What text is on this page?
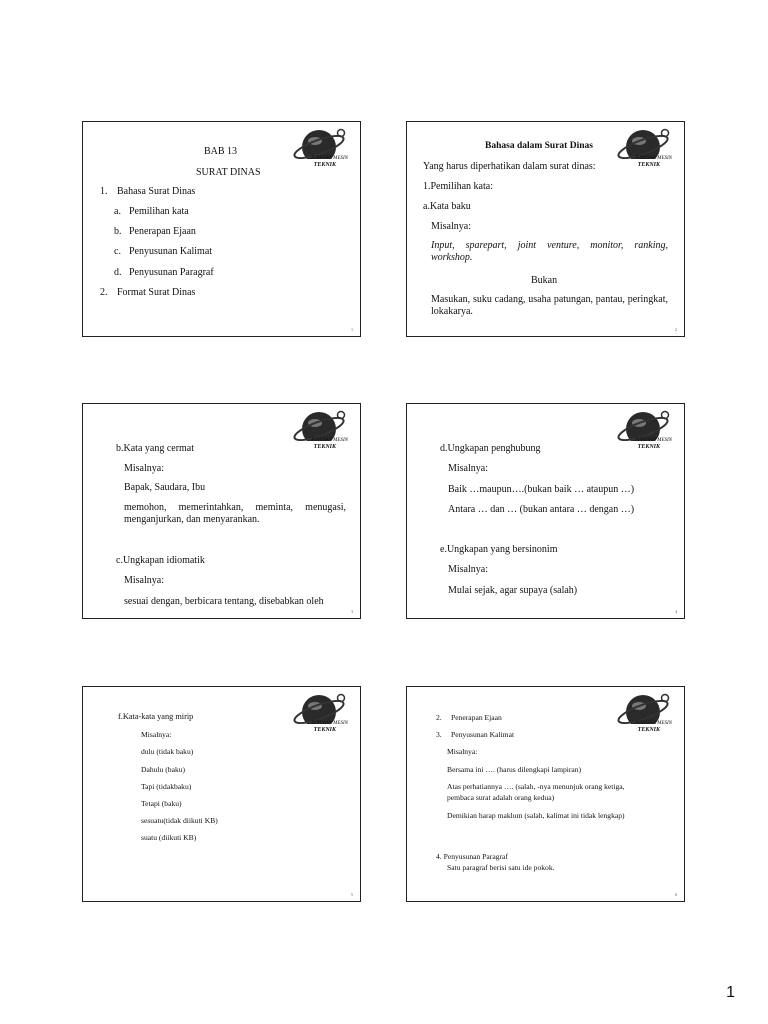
JURUSAN MESIN
TEKNIK
BAB 13
SURAT DINAS
1. Bahasa Surat Dinas
a. Pemilihan kata
b. Penerapan Ejaan
c. Penyusunan Kalimat
d. Penyusunan Paragraf
2. Format Surat Dinas
1
JURUSAN MESIN
TEKNIK
Bahasa dalam Surat Dinas
Yang harus diperhatikan dalam surat dinas:
1.Pemilihan kata:
a.Kata baku
Misalnya:
Input, sparepart, joint venture, monitor, ranking, workshop.
Bukan
Masukan, suku cadang, usaha patungan, pantau, peringkat, lokakarya.
2
JURUSAN MESIN
TEKNIK
b.Kata yang cermat
Misalnya:
Bapak, Saudara, Ibu
memohon, memerintahkan, meminta, menugasi, menganjurkan, dan menyarankan.
c.Ungkapan idiomatik
Misalnya:
sesuai dengan, berbicara tentang, disebabkan oleh
3
JURUSAN MESIN
TEKNIK
d.Ungkapan penghubung
Misalnya:
Baik …maupun….(bukan baik … ataupun …)
Antara … dan … (bukan antara … dengan …)
e.Ungkapan yang bersinonim
Misalnya:
Mulai sejak, agar supaya (salah)
4
JURUSAN MESIN
TEKNIK
f.Kata-kata yang mirip
Misalnya:
dulu (tidak baku)
Dahulu (baku)
Tapi (tidakbaku)
Tetapi (baku)
sesuatu(tidak diikuti KB)
suatu (diikuti KB)
5
JURUSAN MESIN
TEKNIK
2. Penerapan Ejaan
3. Penyusunan Kalimat
Misalnya:
Bersama ini …. (harus dilengkapi lampiran)
Atas perhatiannya …. (salah, -nya menunjuk orang ketiga, pembaca surat adalah orang kedua)
Demikian harap maklum (salah, kalimat ini tidak lengkap)
4. Penyusunan Paragraf
Satu paragraf berisi satu ide pokok.
6
1
